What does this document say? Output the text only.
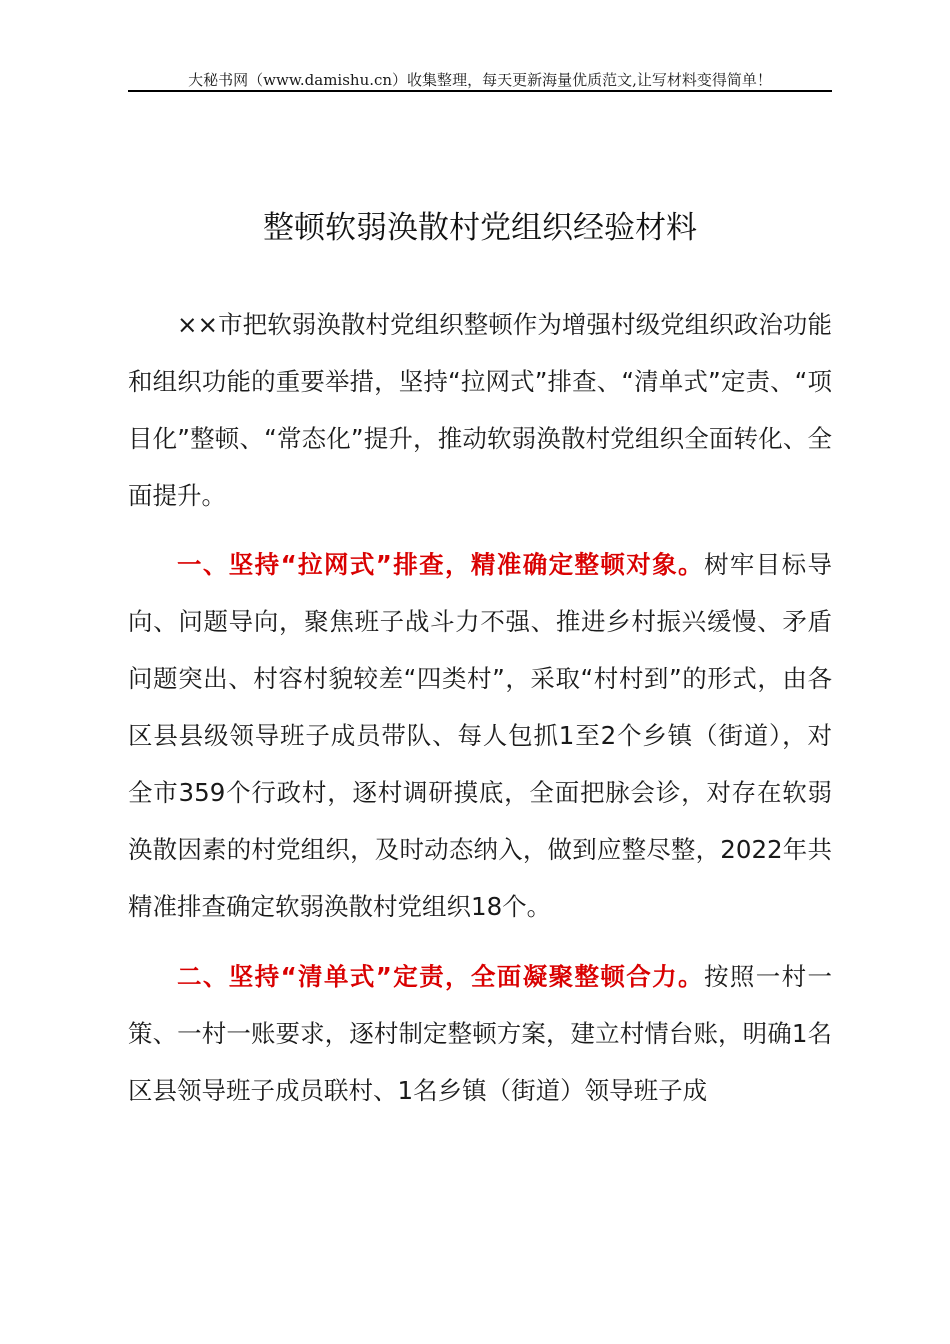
大秘书网（www.damishu.cn）收集整理，每天更新海量优质范文,让写材料变得简单！
整顿软弱涣散村党组织经验材料

××市把软弱涣散村党组织整顿作为增强村级党组织政治功能和组织功能的重要举措，坚持“拉网式”排查、“清单式”定责、“项目化”整顿、“常态化”提升，推动软弱涣散村党组织全面转化、全面提升。

一、坚持“拉网式”排查，精准确定整顿对象。树牢目标导向、问题导向，聚焦班子战斗力不强、推进乡村振兴缓慢、矛盾问题突出、村容村貌较差“四类村”，采取“村村到”的形式，由各区县县级领导班子成员带队、每人包抓1至2个乡镇（街道），对全市359个行政村，逐村调研摸底，全面把脉会诊，对存在软弱涣散因素的村党组织，及时动态纳入，做到应整尽整，2022年共精准排查确定软弱涣散村党组织18个。

二、坚持“清单式”定责，全面凝聚整顿合力。按照一村一策、一村一账要求，逐村制定整顿方案，建立村情台账，明确1名区县领导班子成员联村、1名乡镇（街道）领导班子成
